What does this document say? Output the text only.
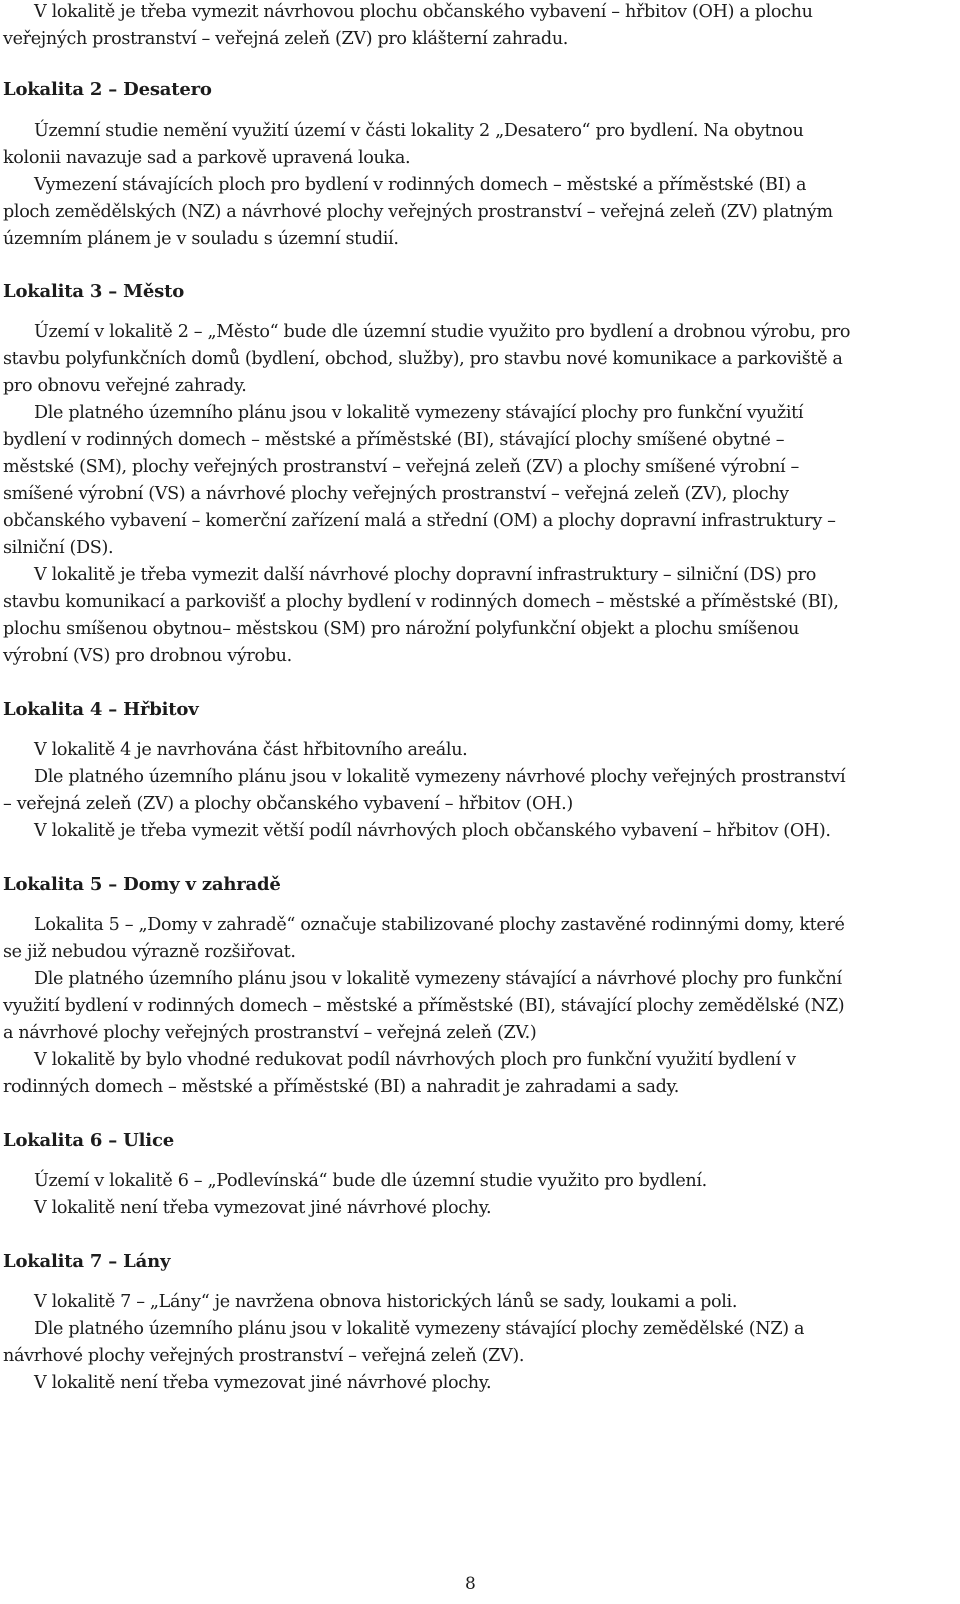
V lokalitě je třeba vymezit návrhovou plochu občanského vybavení – hřbitov (OH) a plochu
veřejných prostranství – veřejná zeleň (ZV) pro klášterní zahradu.
Lokalita 2 – Desatero
Územní studie nemění využití území v části lokality 2 „Desatero“ pro bydlení. Na obytnou
kolonii navazuje sad a parkově upravená louka.
Vymezení stávajících ploch pro bydlení v rodinných domech – městské a příměstské (BI) a
ploch zemědělských (NZ) a návrhové plochy veřejných prostranství – veřejná zeleň (ZV) platným
územním plánem je v souladu s územní studií.
Lokalita 3 – Město
Území v lokalitě 2 – „Město“ bude dle územní studie využito pro bydlení a drobnou výrobu, pro
stavbu polyfunkčních domů (bydlení, obchod, služby), pro stavbu nové komunikace a parkoviště a
pro obnovu veřejné zahrady.
Dle platného územního plánu jsou v lokalitě vymezeny stávající plochy pro funkční využití
bydlení v rodinných domech – městské a příměstské (BI), stávající plochy smíšené obytné –
městské (SM), plochy veřejných prostranství – veřejná zeleň (ZV) a plochy smíšené výrobní –
smíšené výrobní (VS) a návrhové plochy veřejných prostranství – veřejná zeleň (ZV), plochy
občanského vybavení – komerční zařízení malá a střední (OM) a plochy dopravní infrastruktury –
silniční (DS).
V lokalitě je třeba vymezit další návrhové plochy dopravní infrastruktury – silniční (DS) pro
stavbu komunikací a parkovišť a plochy bydlení v rodinných domech – městské a příměstské (BI),
plochu smíšenou obytnou– městskou (SM) pro nárožní polyfunkční objekt a plochu smíšenou
výrobní (VS) pro drobnou výrobu.
Lokalita 4 – Hřbitov
V lokalitě 4 je navrhována část hřbitovního areálu.
Dle platného územního plánu jsou v lokalitě vymezeny návrhové plochy veřejných prostranství
– veřejná zeleň (ZV) a plochy občanského vybavení – hřbitov (OH.)
V lokalitě je třeba vymezit větší podíl návrhových ploch občanského vybavení – hřbitov (OH).
Lokalita 5 – Domy v zahradě
Lokalita 5 – „Domy v zahradě“ označuje stabilizované plochy zastavěné rodinnými domy, které
se již nebudou výrazně rozšiřovat.
Dle platného územního plánu jsou v lokalitě vymezeny stávající a návrhové plochy pro funkční
využití bydlení v rodinných domech – městské a příměstské (BI), stávající plochy zemědělské (NZ)
a návrhové plochy veřejných prostranství – veřejná zeleň (ZV.)
V lokalitě by bylo vhodné redukovat podíl návrhových ploch pro funkční využití bydlení v
rodinných domech – městské a příměstské (BI) a nahradit je zahradami a sady.
Lokalita 6 – Ulice
Území v lokalitě 6 – „Podlevínská“ bude dle územní studie využito pro bydlení.
V lokalitě není třeba vymezovat jiné návrhové plochy.
Lokalita 7 – Lány
V lokalitě 7 – „Lány“ je navržena obnova historických lánů se sady, loukami a poli.
Dle platného územního plánu jsou v lokalitě vymezeny stávající plochy zemědělské (NZ) a
návrhové plochy veřejných prostranství – veřejná zeleň (ZV).
V lokalitě není třeba vymezovat jiné návrhové plochy.
8
